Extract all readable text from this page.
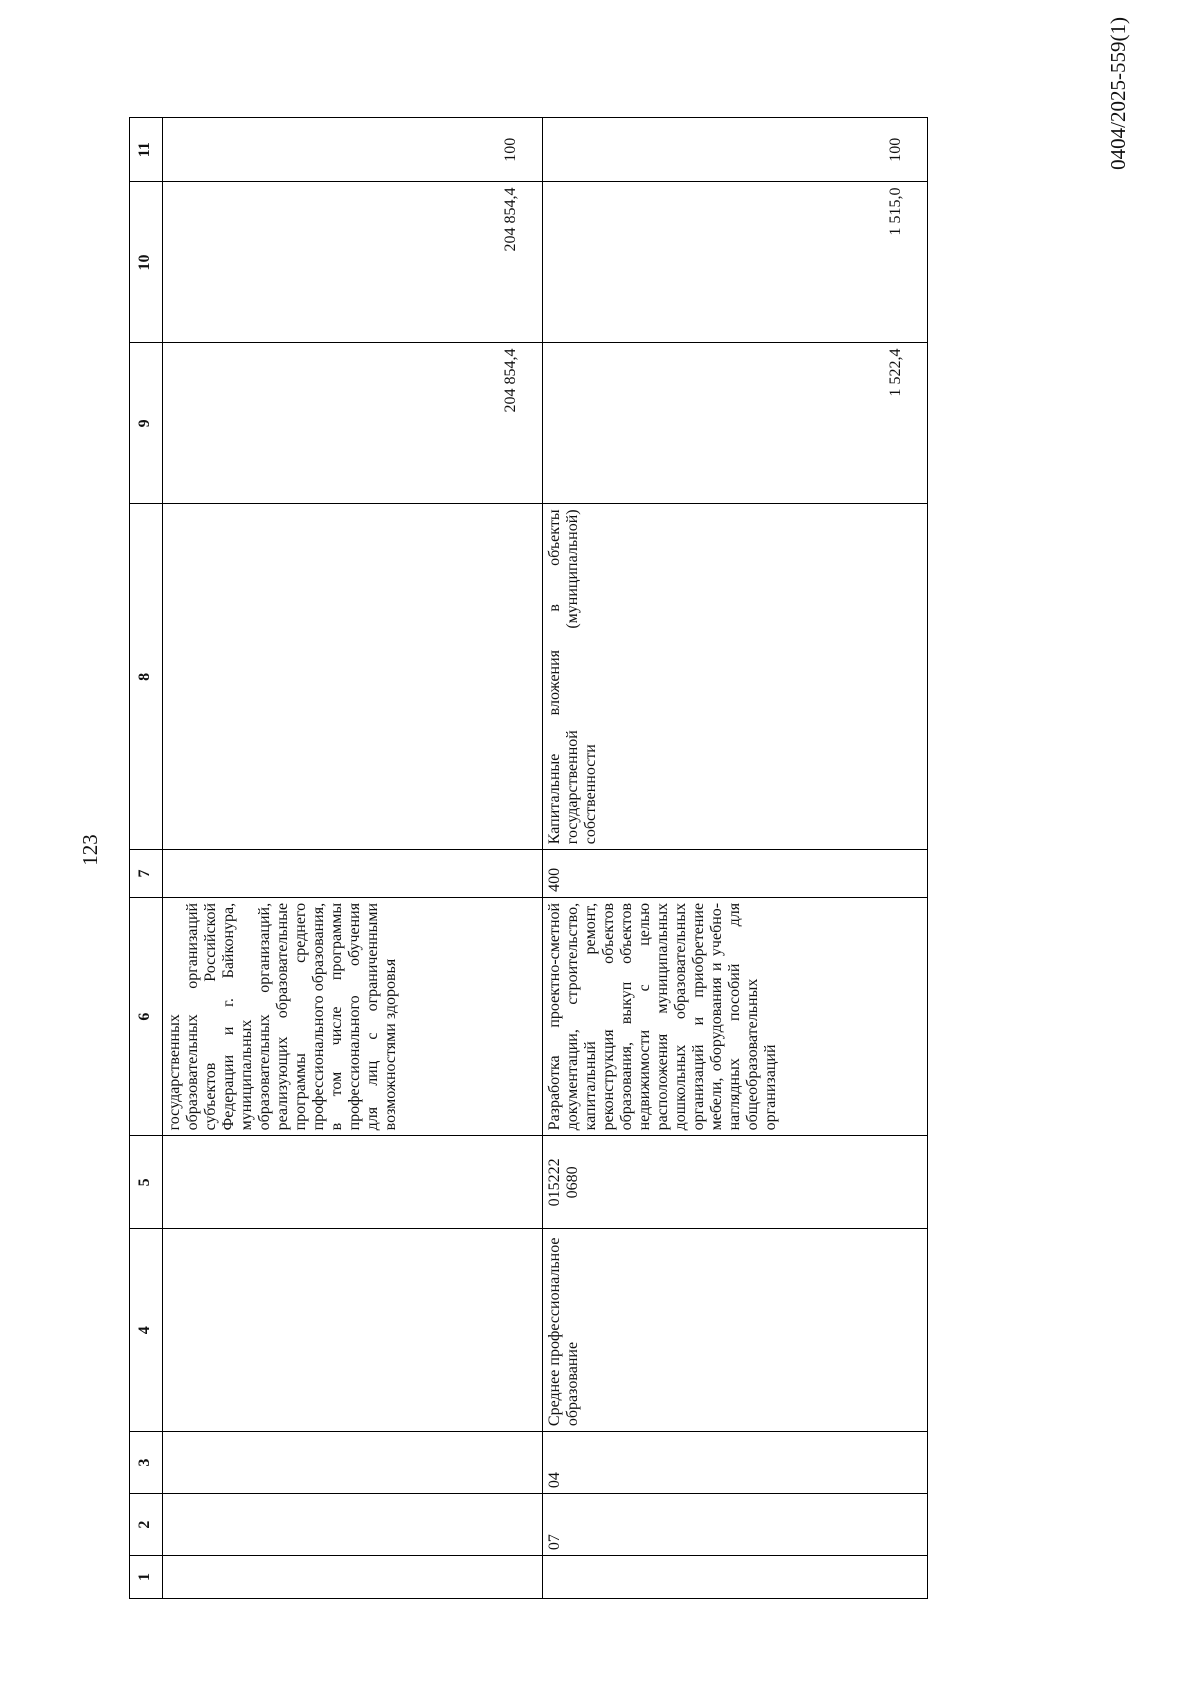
123
0404/2025-559(1)
1	2	3	4	5	6	7	8	9	10	11
					государственных образовательных организаций субъектов Российской Федерации и г. Байконура, муниципальных образовательных организаций, реализующих образовательные программы среднего профессионального образования, в том числе программы профессионального обучения для лиц с ограниченными возможностями здоровья			204 854,4	204 854,4	100
	07	04	Среднее профессиональное образование	015222 0680	Разработка проектно-сметной документации, строительство, капитальный ремонт, реконструкция объектов образования, выкуп объектов недвижимости с целью расположения муниципальных дошкольных образовательных организаций и приобретение мебели, оборудования и учебно-наглядных пособий для общеобразовательных организаций	400	Капитальные вложения в объекты государственной (муниципальной) собственности	1 522,4	1 515,0	100
